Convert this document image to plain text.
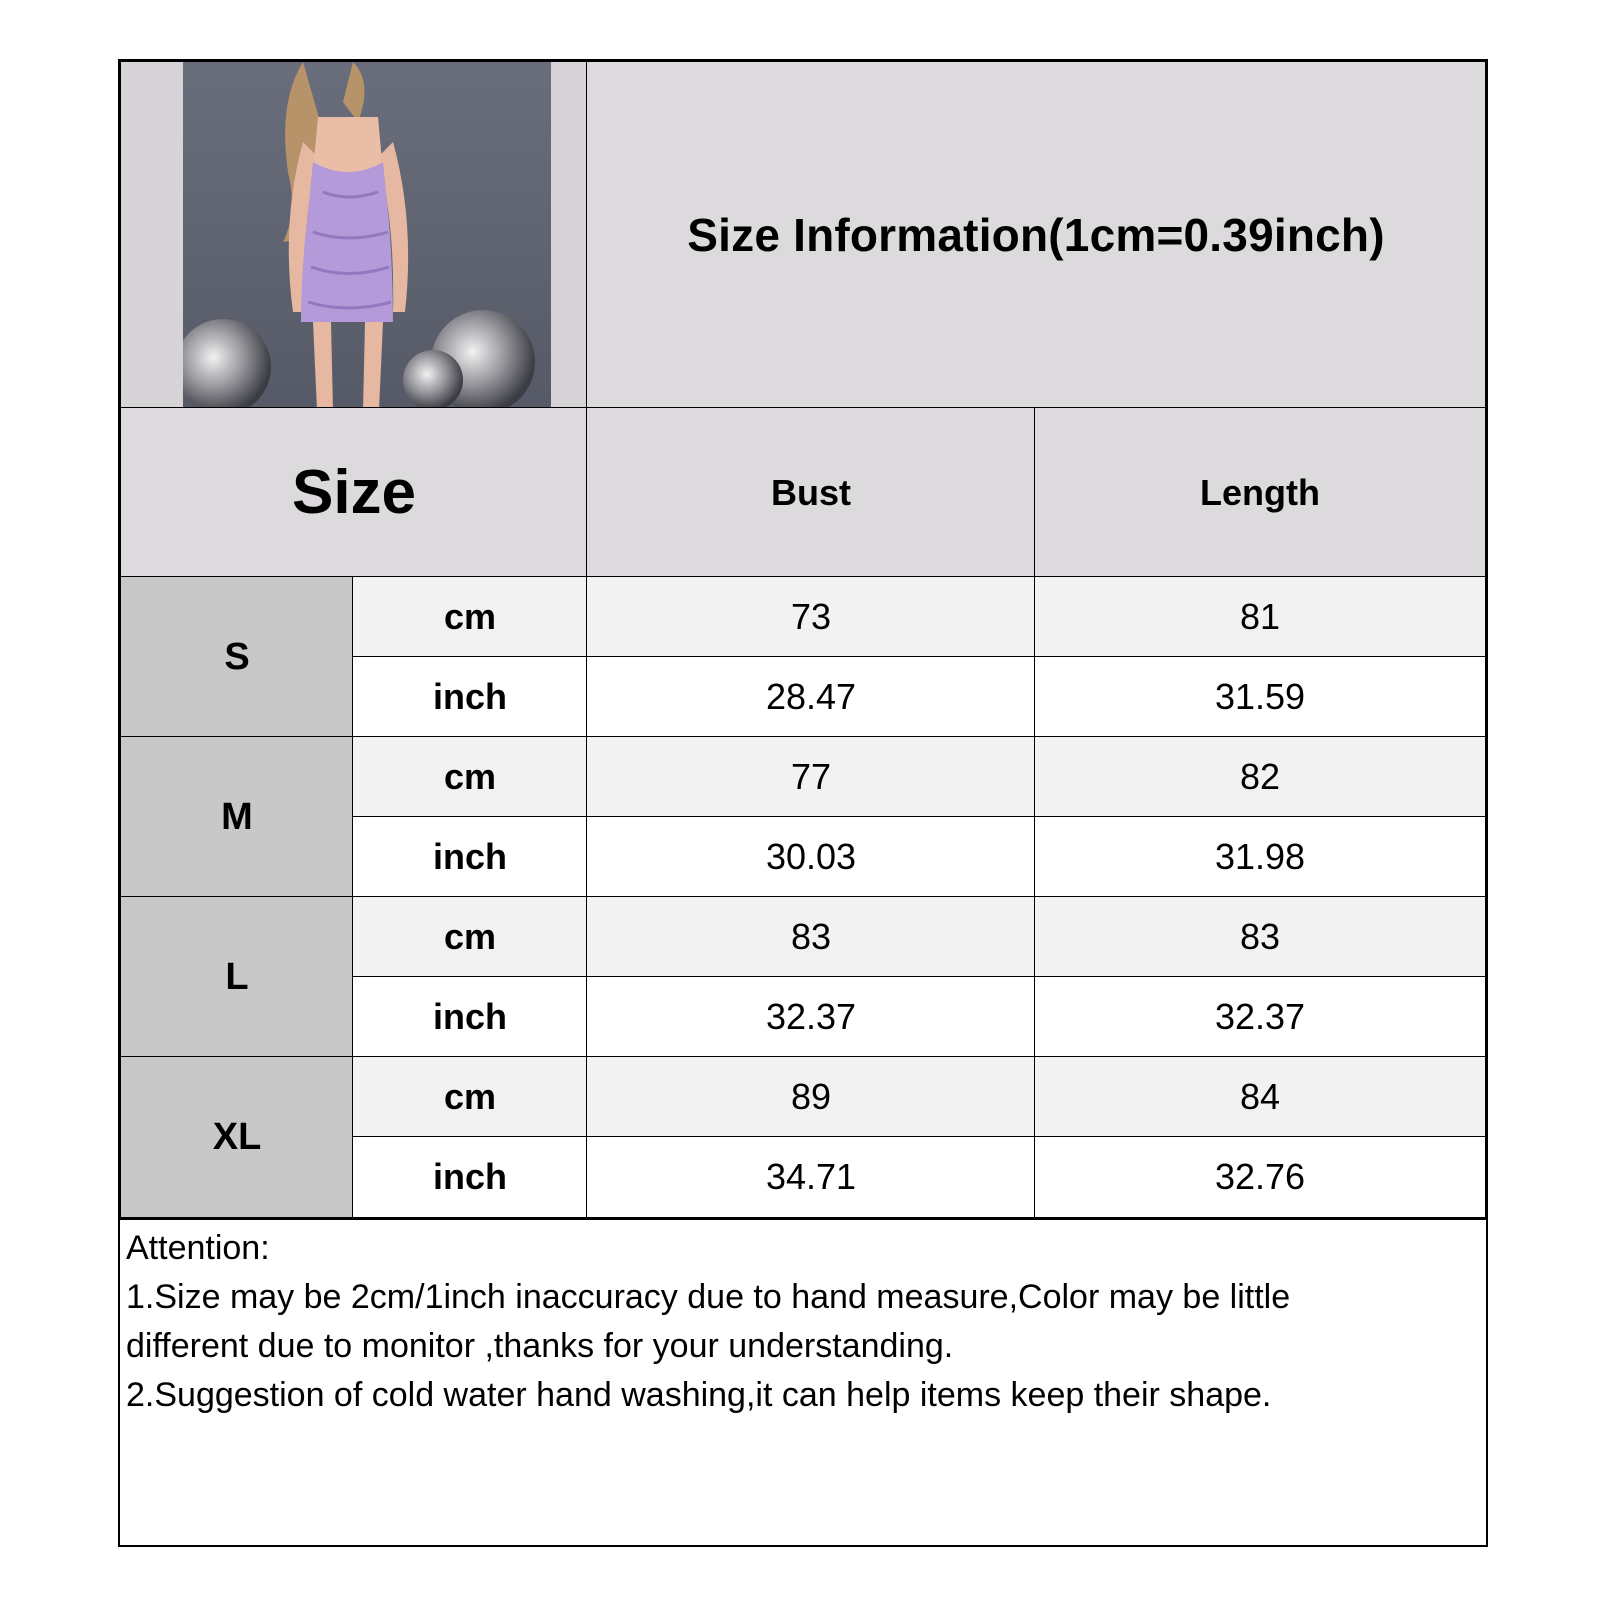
Size Information(1cm=0.39inch)
Size	Bust	Length
S
cm	73	81
inch	28.47	31.59
M
cm	77	82
inch	30.03	31.98
L
cm	83	83
inch	32.37	32.37
XL
cm	89	84
inch	34.71	32.76
Attention:
1.Size may be 2cm/1inch inaccuracy due to hand measure,Color may be little
different due to monitor ,thanks for your understanding.
2.Suggestion of cold water hand washing,it can help items keep their shape.
